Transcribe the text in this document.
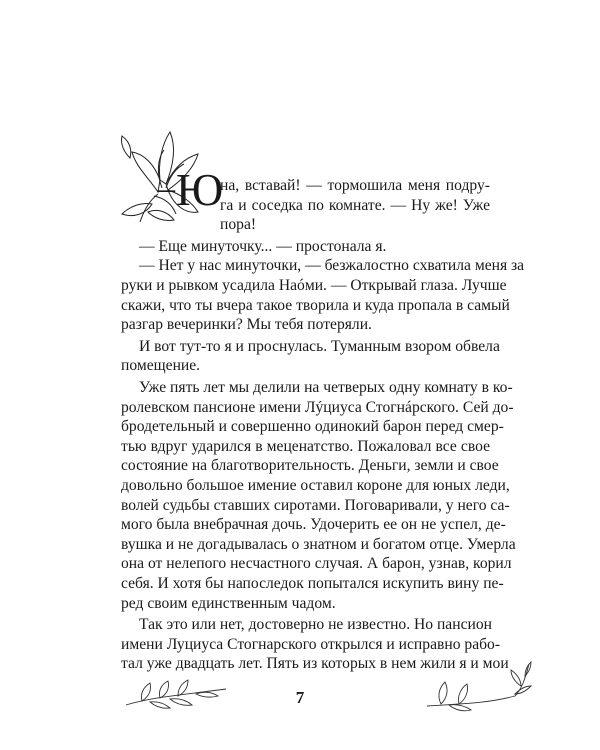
–Ю
на, вставай! — тормошила меня подру-
га и соседка по комнате. — Ну же! Уже
пора!
— Еще минуточку... — простонала я.
— Нет у нас минуточки, — безжалостно схватила меня за
руки и рывком усадила Наóми. — Открывай глаза. Лучше
скажи, что ты вчера такое творила и куда пропала в самый
разгар вечеринки? Мы тебя потеряли.
И вот тут-то я и проснулась. Туманным взором обвела
помещение.
Уже пять лет мы делили на четверых одну комнату в ко-
ролевском пансионе имени Лýциуса Стогнáрского. Сей до-
бродетельный и совершенно одинокий барон перед смер-
тью вдруг ударился в меценатство. Пожаловал все свое
состояние на благотворительность. Деньги, земли и свое
довольно большое имение оставил короне для юных леди,
волей судьбы ставших сиротами. Поговаривали, у него са-
мого была внебрачная дочь. Удочерить ее он не успел, де-
вушка и не догадывалась о знатном и богатом отце. Умерла
она от нелепого несчастного случая. А барон, узнав, корил
себя. И хотя бы напоследок попытался искупить вину пе-
ред своим единственным чадом.
7
Так это или нет, достоверно не известно. Но пансион
имени Луциуса Стогнарского открылся и исправно рабо-
тал уже двадцать лет. Пять из которых в нем жили я и мои
